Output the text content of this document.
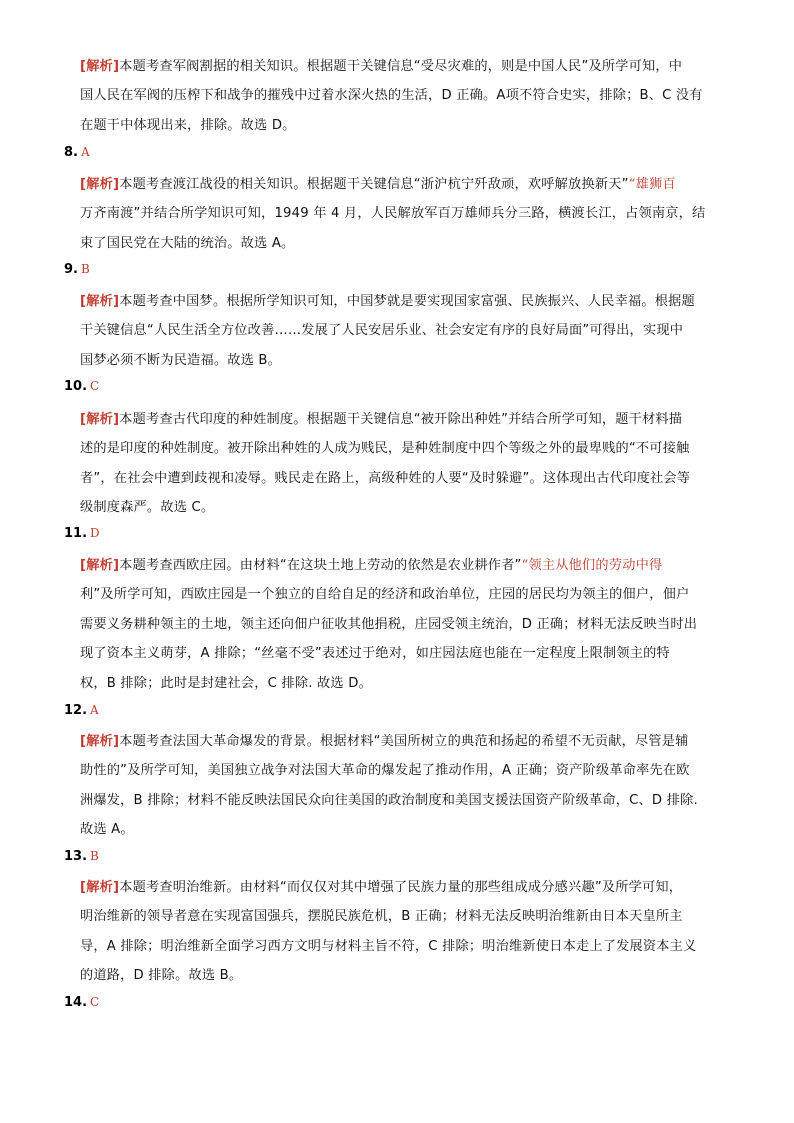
[解析]本题考查军阀割据的相关知识。根据题干关键信息“受尽灾难的，则是中国人民”及所学可知，中
国人民在军阀的压榨下和战争的摧残中过着水深火热的生活，D 正确。A项不符合史实，排除；B、C 没有
在题干中体现出来，排除。故选 D。
8. A
[解析]本题考查渡江战役的相关知识。根据题干关键信息“浙沪杭宁歼敌顽，欢呼解放换新天”“雄狮百
万齐南渡”并结合所学知识可知，1949 年 4 月，人民解放军百万雄师兵分三路，横渡长江，占领南京，结
束了国民党在大陆的统治。故选 A。
9. B
[解析]本题考查中国梦。根据所学知识可知，中国梦就是要实现国家富强、民族振兴、人民幸福。根据题
干关键信息“人民生活全方位改善……发展了人民安居乐业、社会安定有序的良好局面”可得出，实现中
国梦必须不断为民造福。故选 B。
10. C
[解析]本题考查古代印度的种姓制度。根据题干关键信息“被开除出种姓”并结合所学可知，题干材料描
述的是印度的种姓制度。被开除出种姓的人成为贱民，是种姓制度中四个等级之外的最卑贱的“不可接触
者”，在社会中遭到歧视和凌辱。贱民走在路上，高级种姓的人要“及时躲避”。这体现出古代印度社会等
级制度森严。故选 C。
11. D
[解析]本题考查西欧庄园。由材料“在这块土地上劳动的依然是农业耕作者”“领主从他们的劳动中得
利”及所学可知，西欧庄园是一个独立的自给自足的经济和政治单位，庄园的居民均为领主的佃户，佃户
需要义务耕种领主的土地，领主还向佃户征收其他捐税，庄园受领主统治，D 正确；材料无法反映当时出
现了资本主义萌芽，A 排除；“丝毫不受”表述过于绝对，如庄园法庭也能在一定程度上限制领主的特
权，B 排除；此时是封建社会，C 排除. 故选 D。
12. A
[解析]本题考查法国大革命爆发的背景。根据材料“美国所树立的典范和扬起的希望不无贡献，尽管是辅
助性的”及所学可知，美国独立战争对法国大革命的爆发起了推动作用，A 正确；资产阶级革命率先在欧
洲爆发，B 排除；材料不能反映法国民众向往美国的政治制度和美国支援法国资产阶级革命，C、D 排除.
故选 A。
13. B
[解析]本题考查明治维新。由材料“而仅仅对其中增强了民族力量的那些组成成分感兴趣”及所学可知，
明治维新的领导者意在实现富国强兵，摆脱民族危机，B 正确；材料无法反映明治维新由日本天皇所主
导，A 排除；明治维新全面学习西方文明与材料主旨不符，C 排除；明治维新使日本走上了发展资本主义
的道路，D 排除。故选 B。
14. C
